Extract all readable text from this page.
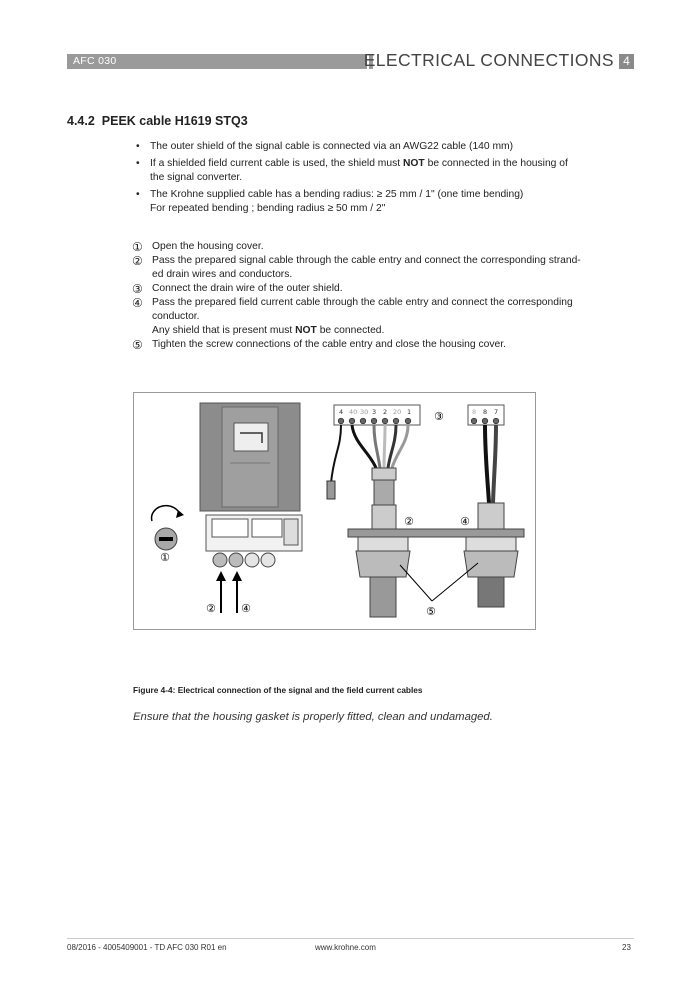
AFC 030	ELECTRICAL CONNECTIONS 4
4.4.2 PEEK cable H1619 STQ3
• The outer shield of the signal cable is connected via an AWG22 cable (140 mm)
• If a shielded field current cable is used, the shield must NOT be connected in the housing of
the signal converter.
• The Krohne supplied cable has a bending radius: ≥ 25 mm / 1" (one time bending)
For repeated bending ; bending radius ≥ 50 mm / 2"
① Open the housing cover.
② Pass the prepared signal cable through the cable entry and connect the corresponding strand-
ed drain wires and conductors.
③ Connect the drain wire of the outer shield.
④ Pass the prepared field current cable through the cable entry and connect the corresponding
conductor.
Any shield that is present must NOT be connected.
⑤ Tighten the screw connections of the cable entry and close the housing cover.
② ④
①
4 40 30 3 2 20 1 ③	8 8 7
②	④
⑤
Figure 4-4: Electrical connection of the signal and the field current cables
Ensure that the housing gasket is properly fitted, clean and undamaged.
08/2016 - 4005409001 - TD AFC 030 R01 en	www.krohne.com	23
